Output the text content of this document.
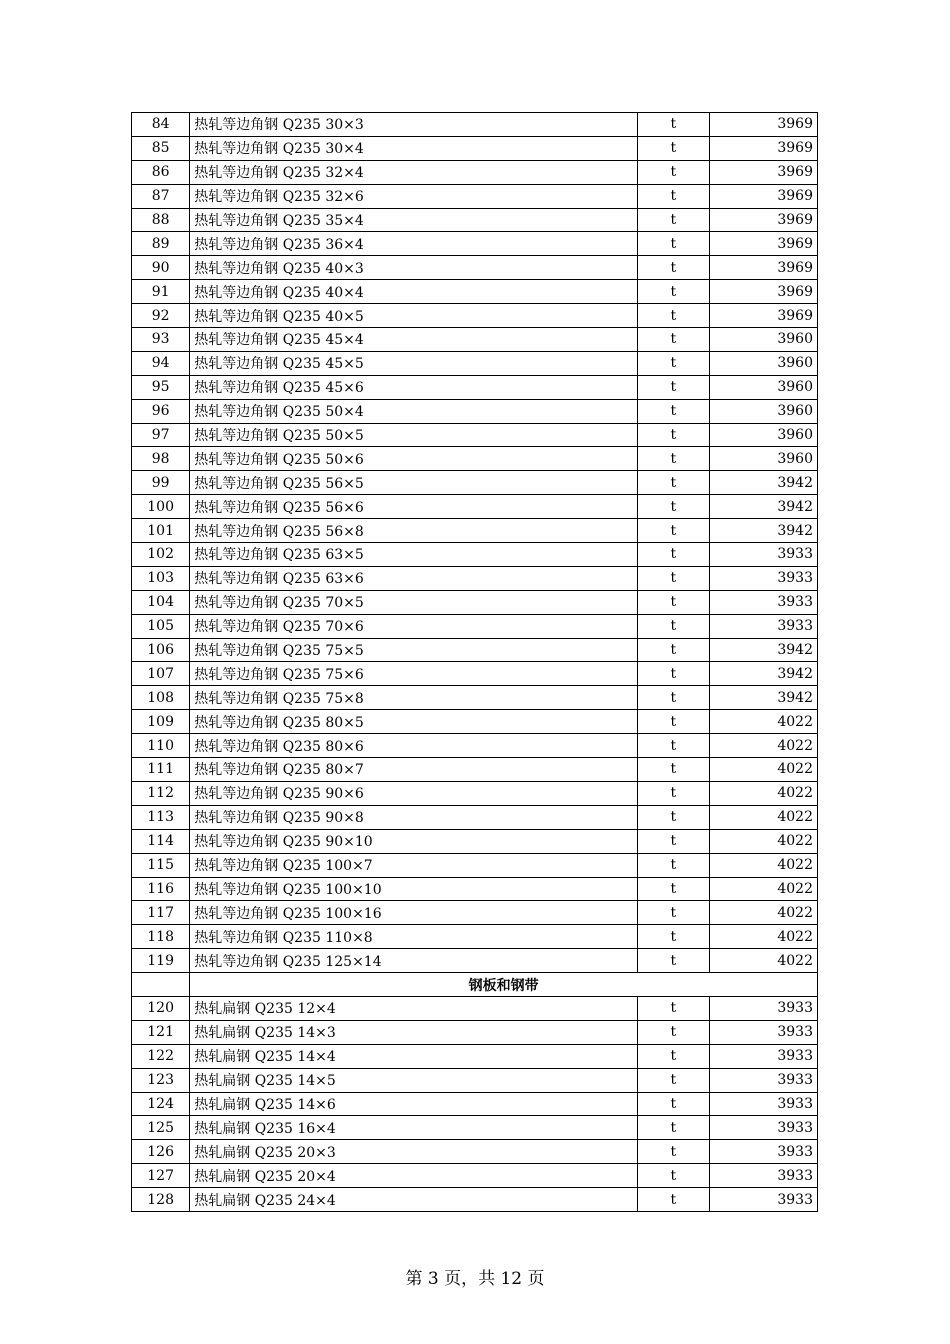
84	热轧等边角钢 Q235 30×3	t	3969
85	热轧等边角钢 Q235 30×4	t	3969
86	热轧等边角钢 Q235 32×4	t	3969
87	热轧等边角钢 Q235 32×6	t	3969
88	热轧等边角钢 Q235 35×4	t	3969
89	热轧等边角钢 Q235 36×4	t	3969
90	热轧等边角钢 Q235 40×3	t	3969
91	热轧等边角钢 Q235 40×4	t	3969
92	热轧等边角钢 Q235 40×5	t	3969
93	热轧等边角钢 Q235 45×4	t	3960
94	热轧等边角钢 Q235 45×5	t	3960
95	热轧等边角钢 Q235 45×6	t	3960
96	热轧等边角钢 Q235 50×4	t	3960
97	热轧等边角钢 Q235 50×5	t	3960
98	热轧等边角钢 Q235 50×6	t	3960
99	热轧等边角钢 Q235 56×5	t	3942
100	热轧等边角钢 Q235 56×6	t	3942
101	热轧等边角钢 Q235 56×8	t	3942
102	热轧等边角钢 Q235 63×5	t	3933
103	热轧等边角钢 Q235 63×6	t	3933
104	热轧等边角钢 Q235 70×5	t	3933
105	热轧等边角钢 Q235 70×6	t	3933
106	热轧等边角钢 Q235 75×5	t	3942
107	热轧等边角钢 Q235 75×6	t	3942
108	热轧等边角钢 Q235 75×8	t	3942
109	热轧等边角钢 Q235 80×5	t	4022
110	热轧等边角钢 Q235 80×6	t	4022
111	热轧等边角钢 Q235 80×7	t	4022
112	热轧等边角钢 Q235 90×6	t	4022
113	热轧等边角钢 Q235 90×8	t	4022
114	热轧等边角钢 Q235 90×10	t	4022
115	热轧等边角钢 Q235 100×7	t	4022
116	热轧等边角钢 Q235 100×10	t	4022
117	热轧等边角钢 Q235 100×16	t	4022
118	热轧等边角钢 Q235 110×8	t	4022
119	热轧等边角钢 Q235 125×14	t	4022
	钢板和钢带		
120	热轧扁钢 Q235 12×4	t	3933
121	热轧扁钢 Q235 14×3	t	3933
122	热轧扁钢 Q235 14×4	t	3933
123	热轧扁钢 Q235 14×5	t	3933
124	热轧扁钢 Q235 14×6	t	3933
125	热轧扁钢 Q235 16×4	t	3933
126	热轧扁钢 Q235 20×3	t	3933
127	热轧扁钢 Q235 20×4	t	3933
128	热轧扁钢 Q235 24×4	t	3933
第 3 页，共 12 页
